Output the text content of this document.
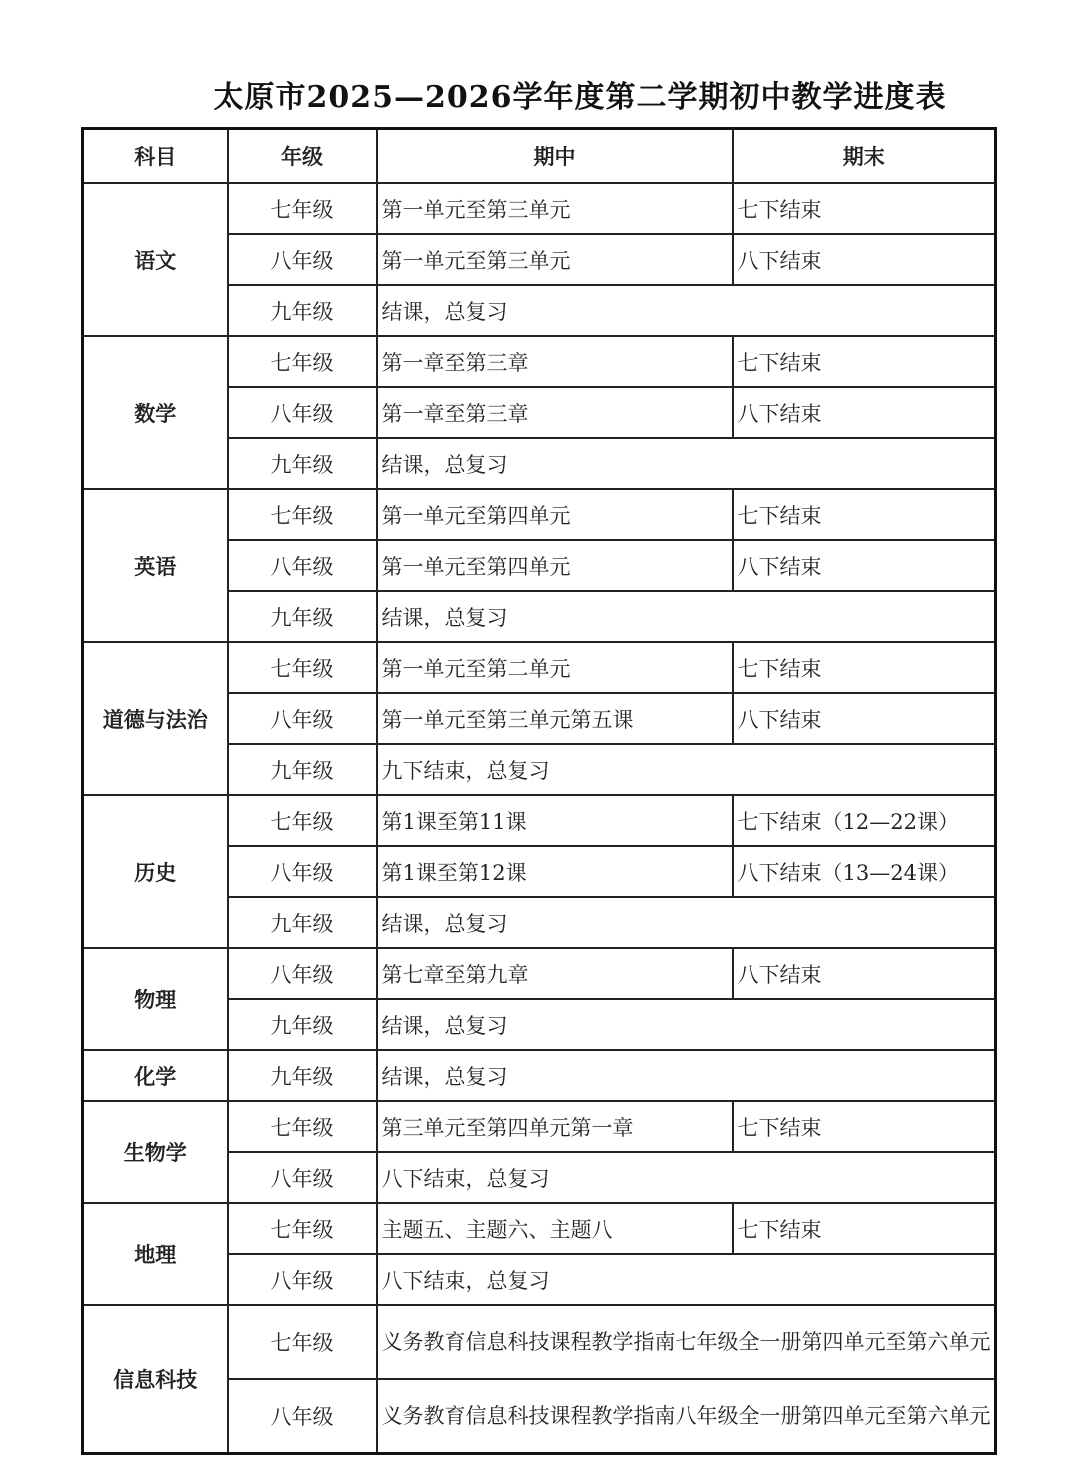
太原市2025—2026学年度第二学期初中教学进度表
科目	年级	期中	期末
语文	七年级	第一单元至第三单元	七下结束
	八年级	第一单元至第三单元	八下结束
	九年级	结课，总复习	
数学	七年级	第一章至第三章	七下结束
	八年级	第一章至第三章	八下结束
	九年级	结课，总复习	
英语	七年级	第一单元至第四单元	七下结束
	八年级	第一单元至第四单元	八下结束
	九年级	结课，总复习	
道德与法治	七年级	第一单元至第二单元	七下结束
	八年级	第一单元至第三单元第五课	八下结束
	九年级	九下结束，总复习	
历史	七年级	第1课至第11课	七下结束（12—22课）
	八年级	第1课至第12课	八下结束（13—24课）
	九年级	结课，总复习	
物理	八年级	第七章至第九章	八下结束
	九年级	结课，总复习	
化学	九年级	结课，总复习	
生物学	七年级	第三单元至第四单元第一章	七下结束
	八年级	八下结束，总复习	
地理	七年级	主题五、主题六、主题八	七下结束
	八年级	八下结束，总复习	
信息科技	七年级	义务教育信息科技课程教学指南七年级全一册第四单元至第六单元	
	八年级	义务教育信息科技课程教学指南八年级全一册第四单元至第六单元	
